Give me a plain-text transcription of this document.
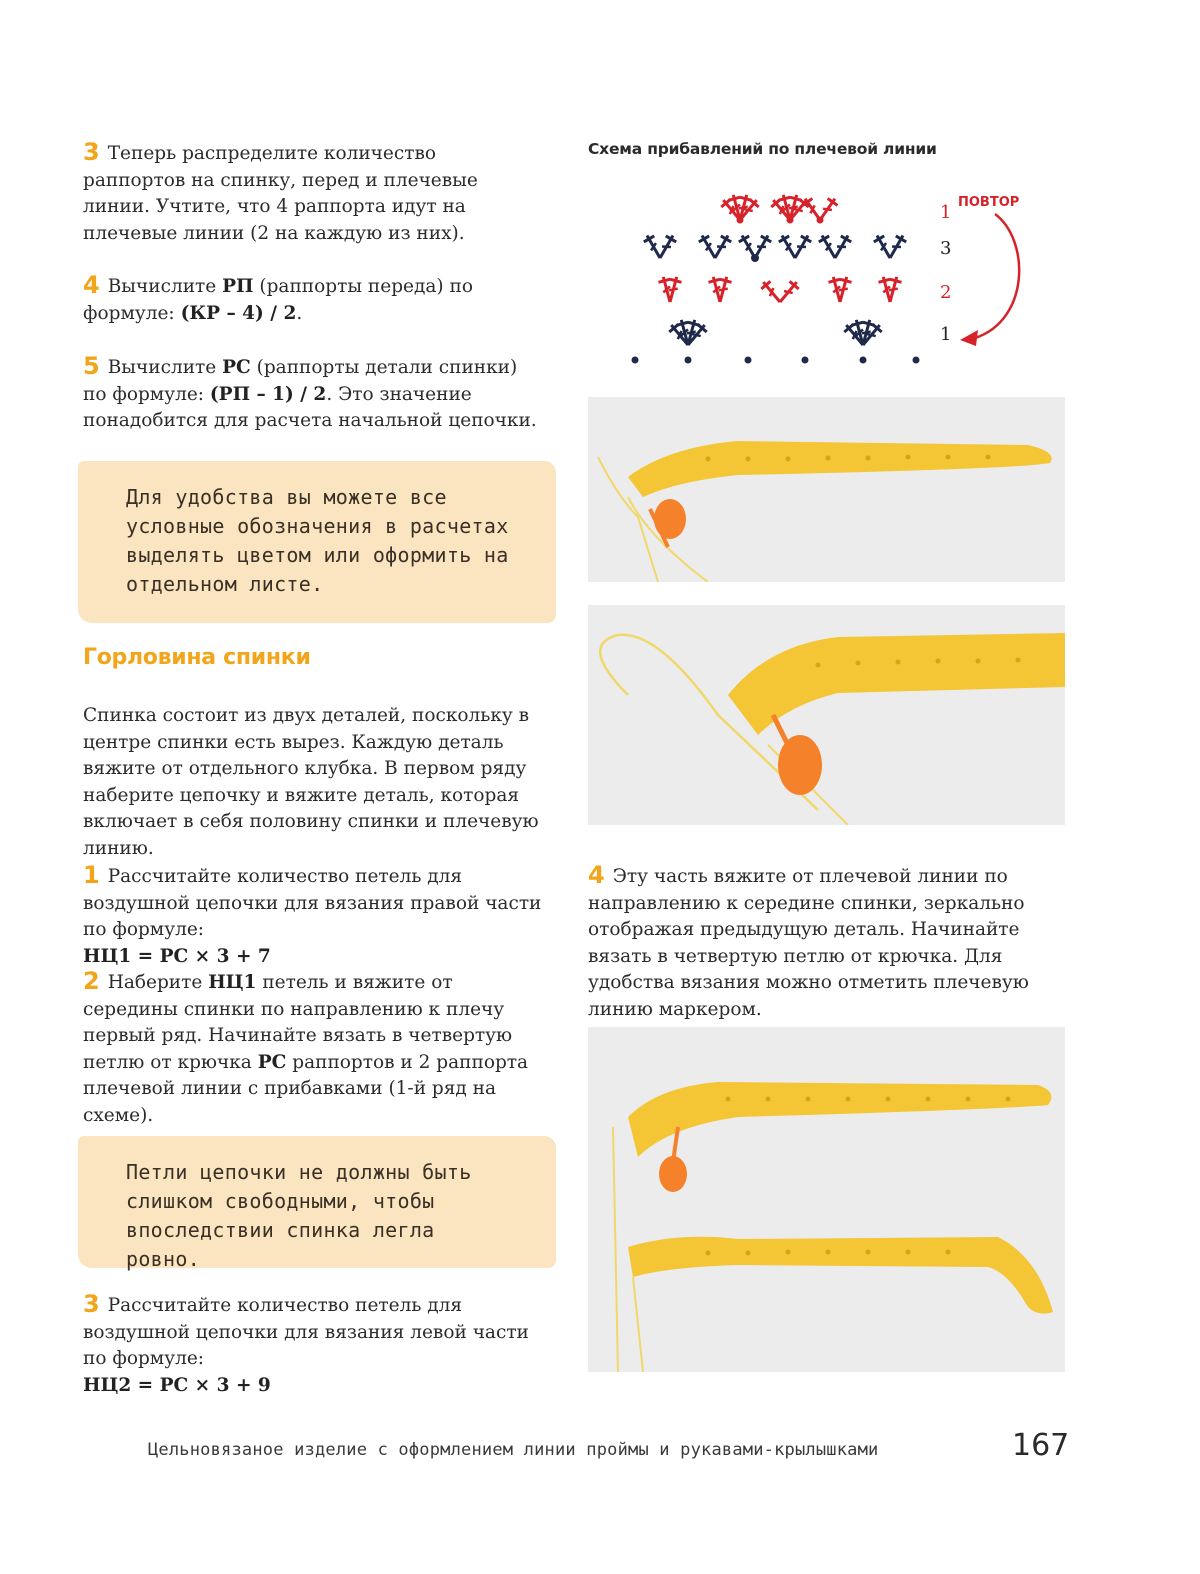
3 Теперь распределите количество раппортов на спинку, перед и плечевые линии. Учтите, что 4 раппорта идут на плечевые линии (2 на каждую из них).
4 Вычислите РП (раппорты переда) по формуле: (КР – 4) / 2.
5 Вычислите РС (раппорты детали спинки) по формуле: (РП – 1) / 2. Это значение понадобится для расчета начальной цепочки.
Для удобства вы можете все условные обозначения в расчетах выделять цветом или оформить на отдельном листе.
Горловина спинки
Спинка состоит из двух деталей, поскольку в центре спинки есть вырез. Каждую деталь вяжите от отдельного клубка. В первом ряду наберите цепочку и вяжите деталь, которая включает в себя половину спинки и плечевую линию.
1 Рассчитайте количество петель для воздушной цепочки для вязания правой части по формуле:
НЦ1 = РС × 3 + 7
2 Наберите НЦ1 петель и вяжите от середины спинки по направлению к плечу первый ряд. Начинайте вязать в четвертую петлю от крючка РС раппортов и 2 раппорта плечевой линии с прибавками (1-й ряд на схеме).
Петли цепочки не должны быть слишком свободными, чтобы впоследствии спинка легла ровно.
3 Рассчитайте количество петель для воздушной цепочки для вязания левой части по формуле:
НЦ2 = РС × 3 + 9
Схема прибавлений по плечевой линии
1
3
2
1
ПОВТОР
4 Эту часть вяжите от плечевой линии по направлению к середине спинки, зеркально отображая предыдущую деталь. Начинайте вязать в четвертую петлю от крючка. Для удобства вязания можно отметить плечевую линию маркером.
Цельновязаное изделие с оформлением линии проймы и рукавами-крылышками	167
